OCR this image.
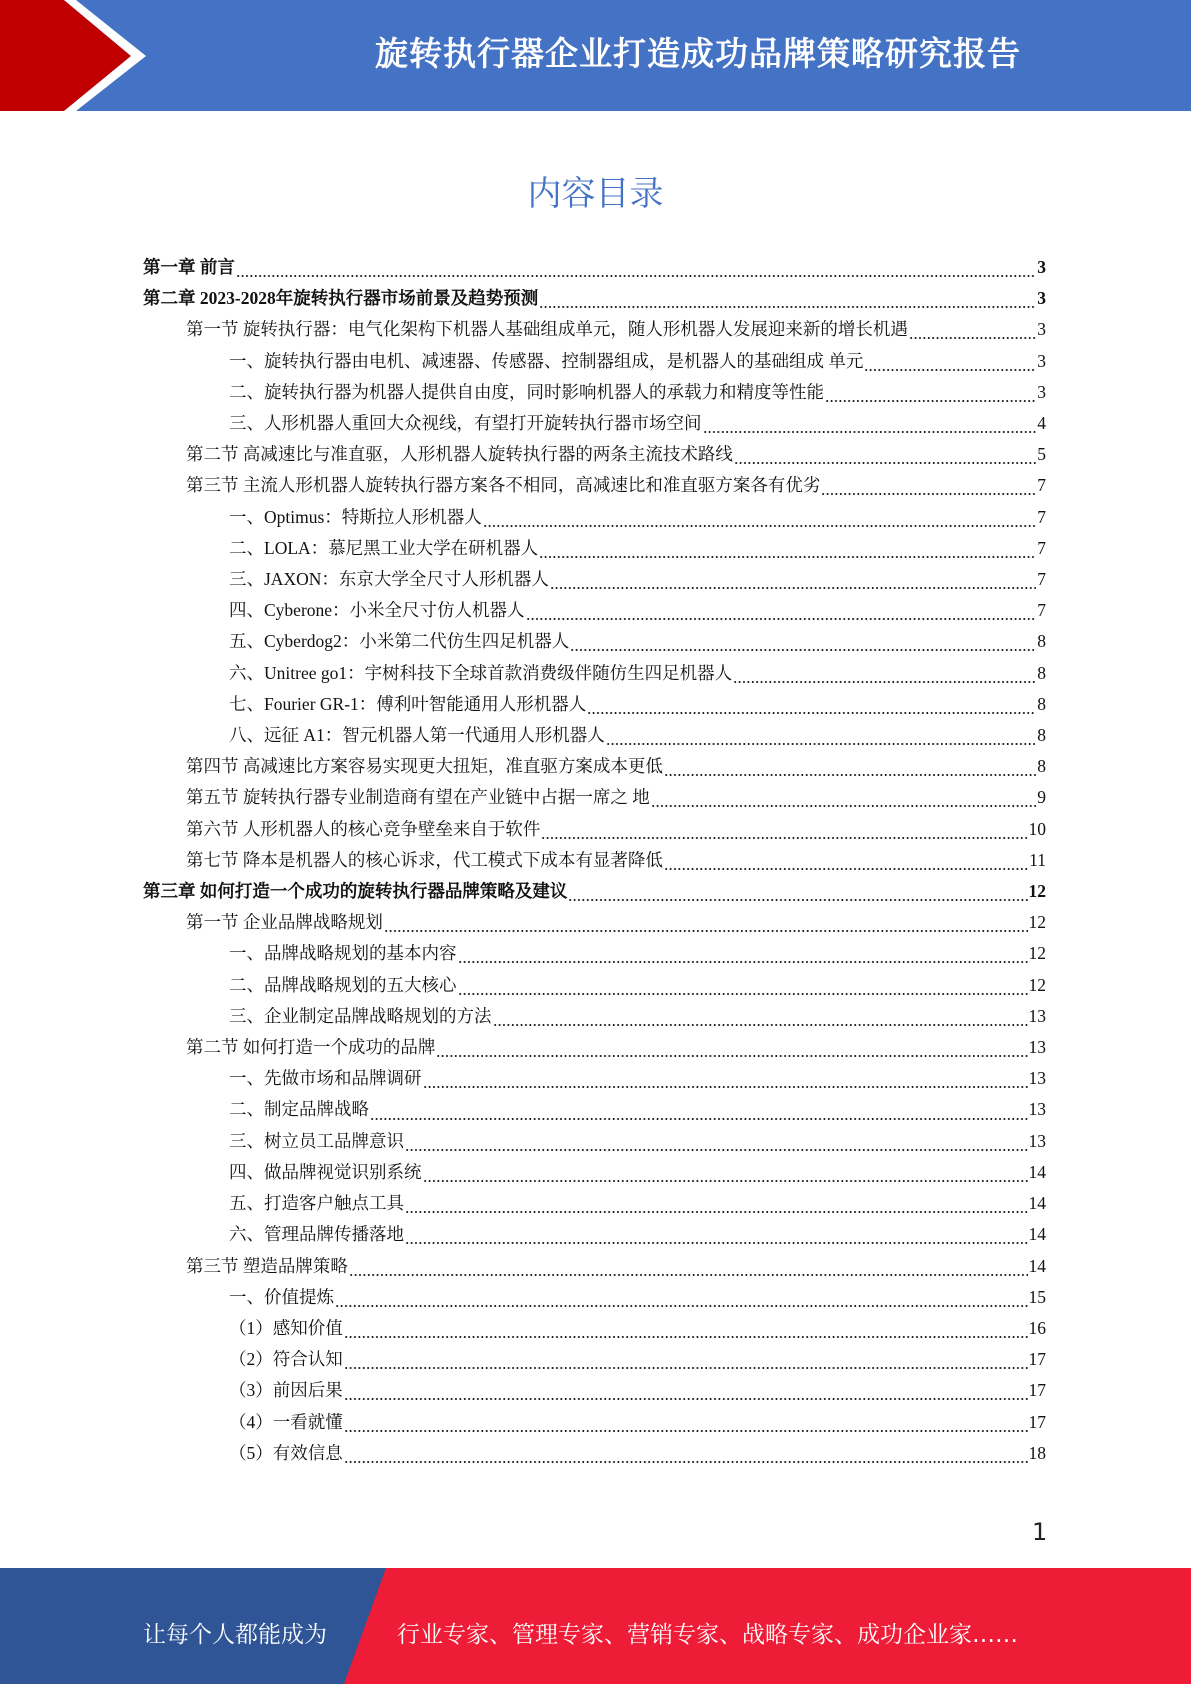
旋转执行器企业打造成功品牌策略研究报告
内容目录
第一章 前言	3
第二章 2023-2028年旋转执行器市场前景及趋势预测	3
第一节 旋转执行器：电气化架构下机器人基础组成单元，随人形机器人发展迎来新的增长机遇	3
一、旋转执行器由电机、减速器、传感器、控制器组成，是机器人的基础组成 单元	3
二、旋转执行器为机器人提供自由度，同时影响机器人的承载力和精度等性能	3
三、人形机器人重回大众视线，有望打开旋转执行器市场空间	4
第二节 高减速比与准直驱，人形机器人旋转执行器的两条主流技术路线	5
第三节 主流人形机器人旋转执行器方案各不相同，高减速比和准直驱方案各有优劣	7
一、Optimus：特斯拉人形机器人	7
二、LOLA：慕尼黑工业大学在研机器人	7
三、JAXON：东京大学全尺寸人形机器人	7
四、Cyberone：小米全尺寸仿人机器人	7
五、Cyberdog2：小米第二代仿生四足机器人	8
六、Unitree go1：宇树科技下全球首款消费级伴随仿生四足机器人	8
七、Fourier GR-1：傅利叶智能通用人形机器人	8
八、远征 A1：智元机器人第一代通用人形机器人	8
第四节 高减速比方案容易实现更大扭矩，准直驱方案成本更低	8
第五节 旋转执行器专业制造商有望在产业链中占据一席之 地	9
第六节 人形机器人的核心竞争壁垒来自于软件	10
第七节 降本是机器人的核心诉求，代工模式下成本有显著降低	11
第三章 如何打造一个成功的旋转执行器品牌策略及建议	12
第一节 企业品牌战略规划	12
一、品牌战略规划的基本内容	12
二、品牌战略规划的五大核心	12
三、企业制定品牌战略规划的方法	13
第二节 如何打造一个成功的品牌	13
一、先做市场和品牌调研	13
二、制定品牌战略	13
三、树立员工品牌意识	13
四、做品牌视觉识别系统	14
五、打造客户触点工具	14
六、管理品牌传播落地	14
第三节 塑造品牌策略	14
一、价值提炼	15
（1）感知价值	16
（2）符合认知	17
（3）前因后果	17
（4）一看就懂	17
（5）有效信息	18
1
让每个人都能成为	行业专家、管理专家、营销专家、战略专家、成功企业家……
